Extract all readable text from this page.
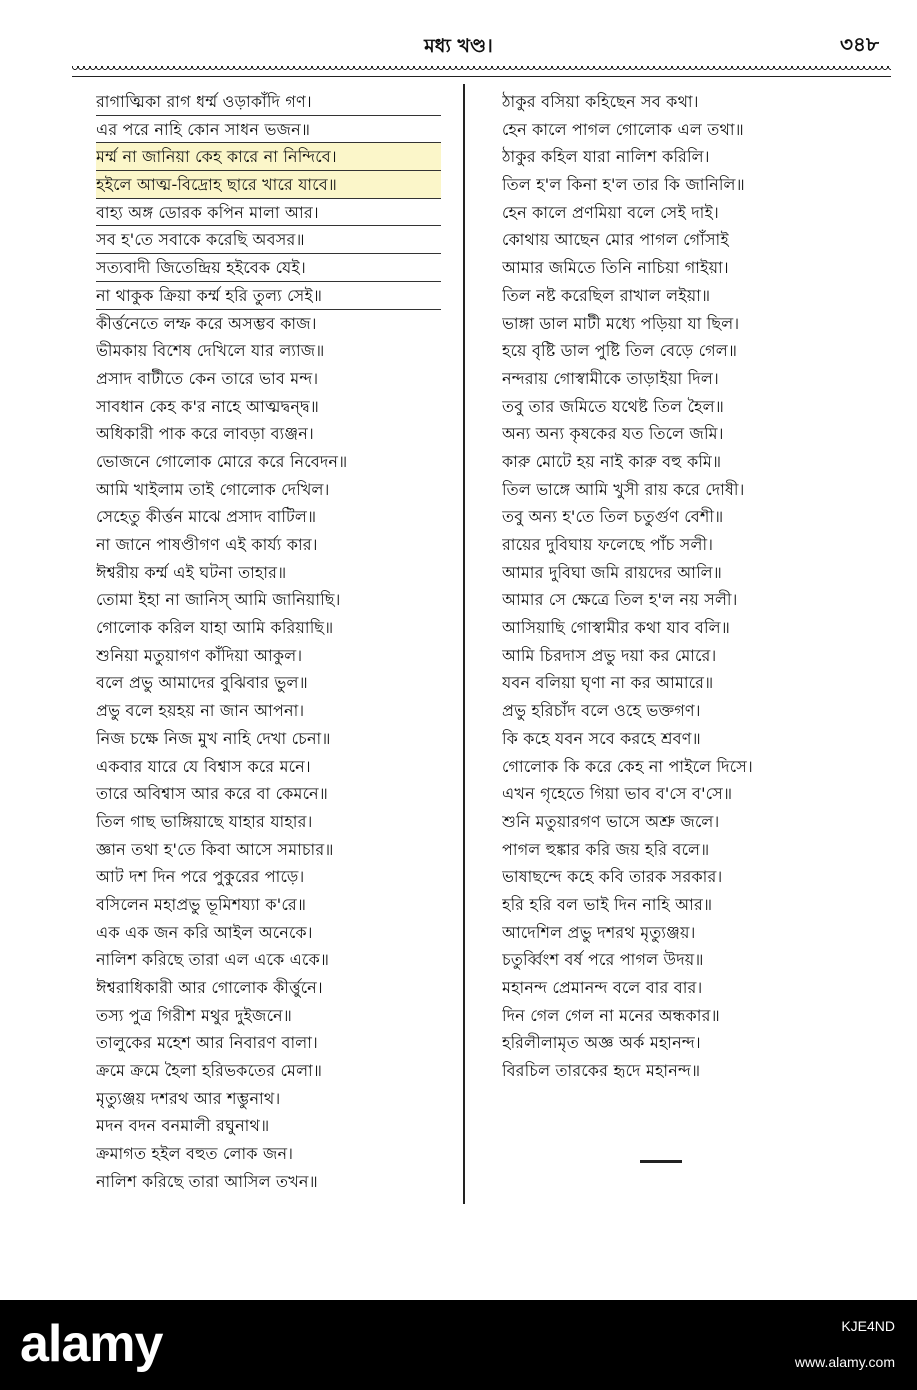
মধ্য খণ্ড।	৩৪৮
রাগাত্মিকা রাগ ধর্ম্ম ওড়াকাঁদি গণ।
এর পরে নাহি কোন সাধন ভজন॥
মর্ম্ম না জানিয়া কেহ কারে না নিন্দিবে।
হইলে আত্ম-বিদ্রোহ ছারে খারে যাবে॥
বাহ্য অঙ্গ ডোরক কপিন মালা আর।
সব হ'তে সবাকে করেছি অবসর॥
সত্যবাদী জিতেন্দ্রিয় হইবেক যেই।
না থাকুক ক্রিয়া কর্ম্ম হরি তুল্য সেই॥
কীর্ত্তনেতে লম্ফ করে অসম্ভব কাজ।
ভীমকায় বিশেষ দেখিলে যার ল্যাজ॥
প্রসাদ বাটীতে কেন তারে ভাব মন্দ।
সাবধান কেহ ক'র নাহে আত্মদ্বন্দ্ব॥
অধিকারী পাক করে লাবড়া ব্যঞ্জন।
ভোজনে গোলোক মোরে করে নিবেদন॥
আমি খাইলাম তাই গোলোক দেখিল।
সেহেতু কীর্ত্তন মাঝে প্রসাদ বাটিল॥
না জানে পাষণ্ডীগণ এই কার্য্য কার।
ঈশ্বরীয় কর্ম্ম এই ঘটনা তাহার॥
তোমা ইহা না জানিস্ আমি জানিয়াছি।
গোলোক করিল যাহা আমি করিয়াছি॥
শুনিয়া মতুয়াগণ কাঁদিয়া আকুল।
বলে প্রভু আমাদের বুঝিবার ভুল॥
প্রভু বলে হয়হয় না জান আপনা।
নিজ চক্ষে নিজ মুখ নাহি দেখা চেনা॥
একবার যারে যে বিশ্বাস করে মনে।
তারে অবিশ্বাস আর করে বা কেমনে॥
তিল গাছ ভাঙ্গিয়াছে যাহার যাহার।
জ্ঞান তথা হ'তে কিবা আসে সমাচার॥
আট দশ দিন পরে পুকুরের পাড়ে।
বসিলেন মহাপ্রভু ভূমিশয্যা ক'রে॥
এক এক জন করি আইল অনেকে।
নালিশ করিছে তারা এল একে একে॥
ঈশ্বরাধিকারী আর গোলোক কীর্ত্তুনে।
তস্য পুত্র গিরীশ মথুর দুইজনে॥
তালুকের মহেশ আর নিবারণ বালা।
ক্রমে ক্রমে হৈলা হরিভকতের মেলা॥
মৃত্যুঞ্জয় দশরথ আর শম্ভুনাথ।
মদন বদন বনমালী রঘুনাথ॥
ক্রমাগত হইল বহুত লোক জন।
নালিশ করিছে তারা আসিল তখন॥
ঠাকুর বসিয়া কহিছেন সব কথা।
হেন কালে পাগল গোলোক এল তথা॥
ঠাকুর কহিল যারা নালিশ করিলি।
তিল হ'ল কিনা হ'ল তার কি জানিলি॥
হেন কালে প্রণমিয়া বলে সেই দাই।
কোথায় আছেন মোর পাগল গোঁসাই
আমার জমিতে তিনি নাচিয়া গাইয়া।
তিল নষ্ট করেছিল রাখাল লইয়া॥
ভাঙ্গা ডাল মাটী মধ্যে পড়িয়া যা ছিল।
হয়ে বৃষ্টি ডাল পুষ্টি তিল বেড়ে গেল॥
নন্দরায় গোস্বামীকে তাড়াইয়া দিল।
তবু তার জমিতে যথেষ্ট তিল হৈল॥
অন্য অন্য কৃষকের যত তিলে জমি।
কারু মোটে হয় নাই কারু বহু কমি॥
তিল ভাঙ্গে আমি খুসী রায় করে দোষী।
তবু অন্য হ'তে তিল চতুর্গুণ বেশী॥
রায়ের দুবিঘায় ফলেছে পাঁচ সলী।
আমার দুবিঘা জমি রায়দের আলি॥
আমার সে ক্ষেত্রে তিল হ'ল নয় সলী।
আসিয়াছি গোস্বামীর কথা যাব বলি॥
আমি চিরদাস প্রভু দয়া কর মোরে।
যবন বলিয়া ঘৃণা না কর আমারে॥
প্রভু হরিচাঁদ বলে ওহে ভক্তগণ।
কি কহে যবন সবে করহে শ্রবণ॥
গোলোক কি করে কেহ না পাইলে দিসে।
এখন গৃহেতে গিয়া ভাব ব'সে ব'সে॥
শুনি মতুয়ারগণ ভাসে অশ্রু জলে।
পাগল হুঙ্কার করি জয় হরি বলে॥
ভাষাছন্দে কহে কবি তারক সরকার।
হরি হরি বল ভাই দিন নাহি আর॥
আদেশিল প্রভু দশরথ মৃত্যুঞ্জয়।
চতুর্ব্বিংশ বর্ষ পরে পাগল উদয়॥
মহানন্দ প্রেমানন্দ বলে বার বার।
দিন গেল গেল না মনের অন্ধকার॥
হরিলীলামৃত অজ্ঞ অর্ক মহানন্দ।
বিরচিল তারকের হৃদে মহানন্দ॥
alamy	KJE4ND
www.alamy.com
